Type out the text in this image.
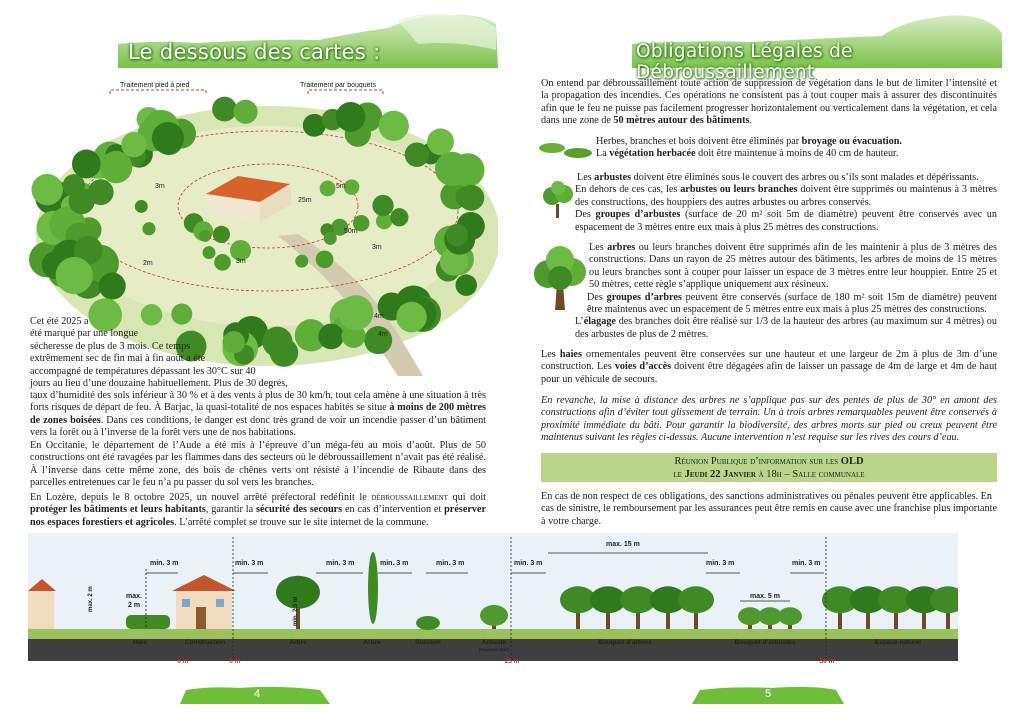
Le dessous des cartes :
Traitement pied à pied	Traitement par bouquets
3m	5m
25m
50m
3m
2m	3m
4m
4m
Cet été 2025 a
été marqué par une longue
sécheresse de plus de 3 mois. Ce temps
extrêmement sec de fin mai à fin août a été
accompagné de températures dépassant les 30°C sur 40
jours au lieu d’une douzaine habituellement. Plus de 30 degrés,
taux d’humidité des sols inférieur à 30 % et à des vents à plus de 30 km/h, tout cela amène à une situation à très forts risques de départ de feu. À Barjac, la quasi-totalité de nos espaces habités se situe à moins de 200 mètres de zones boisées. Dans ces conditions, le danger est donc très grand de voir un incendie passer d’un bâtiment vers la forêt ou à l’inverse de la forêt vers une de nos habitations.
En Occitanie, le département de l’Aude a été mis à l’épreuve d’un méga-feu au mois d’août. Plus de 50 constructions ont été ravagées par les flammes dans des secteurs où le débroussaillement n’avait pas été réalisé. À l’inverse dans cette même zone, des bois de chênes verts ont résisté à l’incendie de Ribaute dans des parcelles entretenues car le feu n’a pu passer du sol vers les branches.
En Lozère, depuis le 8 octobre 2025, un nouvel arrêté préfectoral redéfinit le débroussaillement qui doit protéger les bâtiments et leurs habitants, garantir la sécurité des secours en cas d’intervention et préserver nos espaces forestiers et agricoles. L’arrêté complet se trouve sur le site internet de la commune.
Obligations Légales de Débroussaillement
On entend par débroussaillement toute action de suppression de végétation dans le but de limiter l’intensité et la propagation des incendies. Ces opérations ne consistent pas à tout couper mais à assurer des discontinuités afin que le feu ne puisse pas facilement progresser horizontalement ou verticalement dans la végétation, et cela dans une zone de 50 mètres autour des bâtiments.
Herbes, branches et bois doivent être éliminés par broyage ou évacuation.
La végétation herbacée doit être maintenue à moins de 40 cm de hauteur.
Les arbustes doivent être éliminés sous le couvert des arbres ou s’ils sont malades et dépérissants.
En dehors de ces cas, les arbustes ou leurs branches doivent être supprimés ou maintenus à 3 mètres des constructions, des houppiers des autres arbustes ou arbres conservés.
Des groupes d’arbustes (surface de 20 m² soit 5m de diamètre) peuvent être conservés avec un espacement de 3 mètres entre eux mais à plus 25 mètres des constructions.
Les arbres ou leurs branches doivent être supprimés afin de les maintenir à plus de 3 mètres des constructions. Dans un rayon de 25 mètres autour des bâtiments, les arbres de moins de 15 mètres ou leurs branches sont à couper pour laisser un espace de 3 mètres entre leur houppier. Entre 25 et 50 mètres, cette règle s’applique uniquement aux résineux.
Des groupes d’arbres peuvent être conservés (surface de 180 m² soit 15m de diamètre) peuvent être maintenus avec un espacement de 5 mètres entre eux mais à plus 25 mètres des constructions.
L’élagage des branches doit être réalisé sur 1/3 de la hauteur des arbres (au maximum sur 4 mètres) ou des arbustes de plus de 2 mètres.
Les haies ornementales peuvent être conservées sur une hauteur et une largeur de 2m à plus de 3m d’une construction. Les voies d’accès doivent être dégagées afin de laisser un passage de 4m de large et 4m de haut pour un véhicule de secours.
En revanche, la mise à distance des arbres ne s’applique pas sur des pentes de plus de 30° en amont des constructions afin d’éviter tout glissement de terrain. Un à trois arbres remarquables peuvent être conservés à proximité immédiate du bâti. Pour garantir la biodiversité, des arbres morts sur pied ou creux peuvent être maintenus suivant les règles ci-dessus. Aucune intervention n’est requise sur les rives des cours d’eau.
Réunion Publique d’information sur les OLD
le Jeudi 22 Janvier à 18h – Salle communale
En cas de non respect de ces obligations, des sanctions administratives ou pénales peuvent être applicables. En cas de sinistre, le remboursement par les assurances peut être remis en cause avec une franchise plus importante à votre charge.
min. 3 m	min. 3 m	min. 3 m	min. 3 m	min. 3 m	min. 3 m	min. 3 m	min. 3 m
max. 15 m
max. 5 m
max.
2 m
max. 2 m	min. 2,5 m
Haie	Construction	Arbre	Arbre	Buisson	Arbuste
(Hauteur <2m)
Bouquet d’arbres	Bouquet d’arbustes	Espace naturel
0 m	0 m	25 m	50 m
4	5
